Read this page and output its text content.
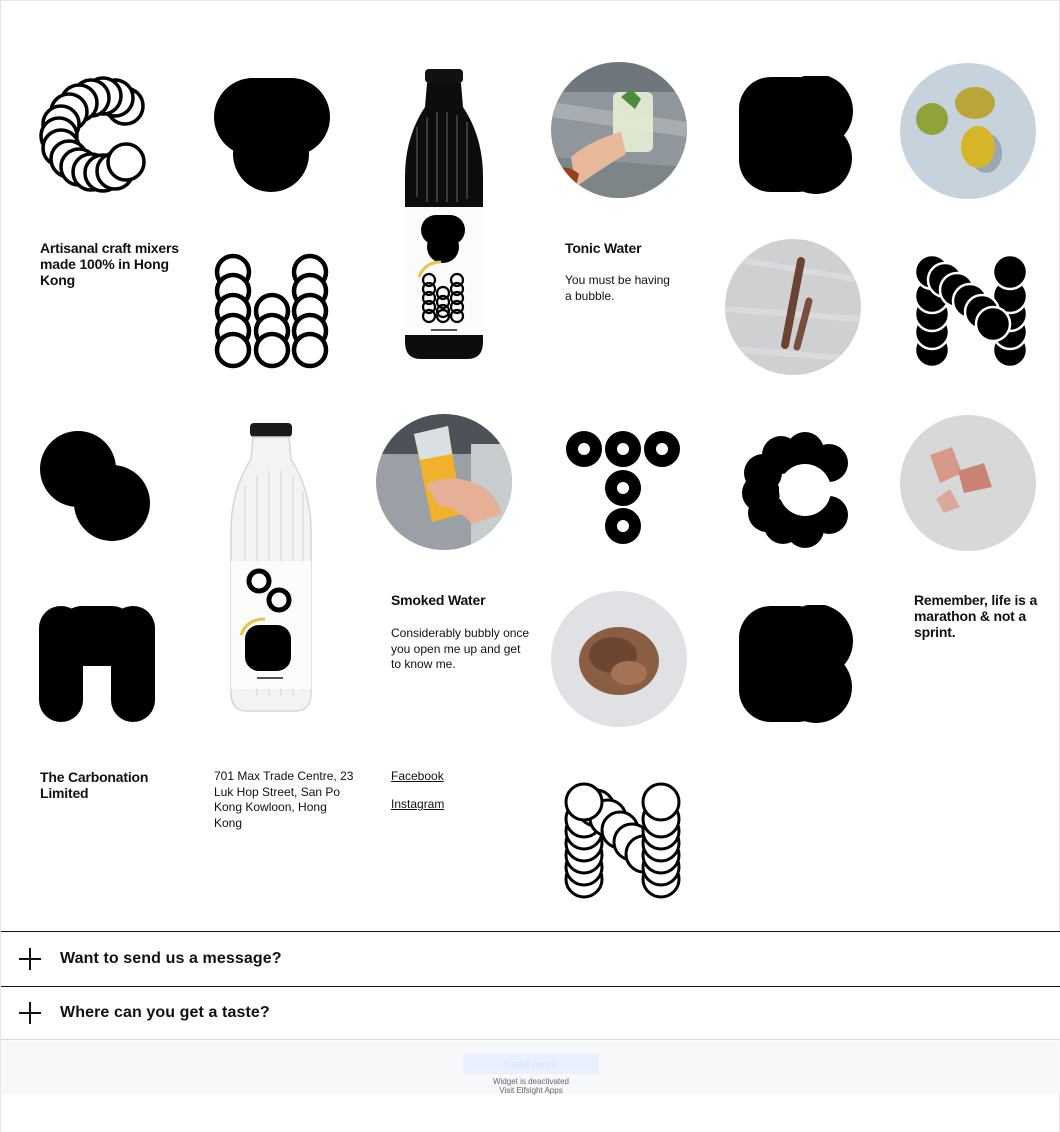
Tonic Water
You must be having a bubble.
Artisanal craft mixers made 100% in Hong Kong
Smoked Water
Considerably bubbly once you open me up and get to know me.
Remember, life is a marathon & not a sprint.
The Carbonation Limited
701 Max Trade Centre, 23 Luk Hop Street, San Po Kong Kowloon, Hong Kong
Facebook
Instagram
Want to send us a message?
Where can you get a taste?
Load more
Widget is deactivated
Visit Elfsight Apps
